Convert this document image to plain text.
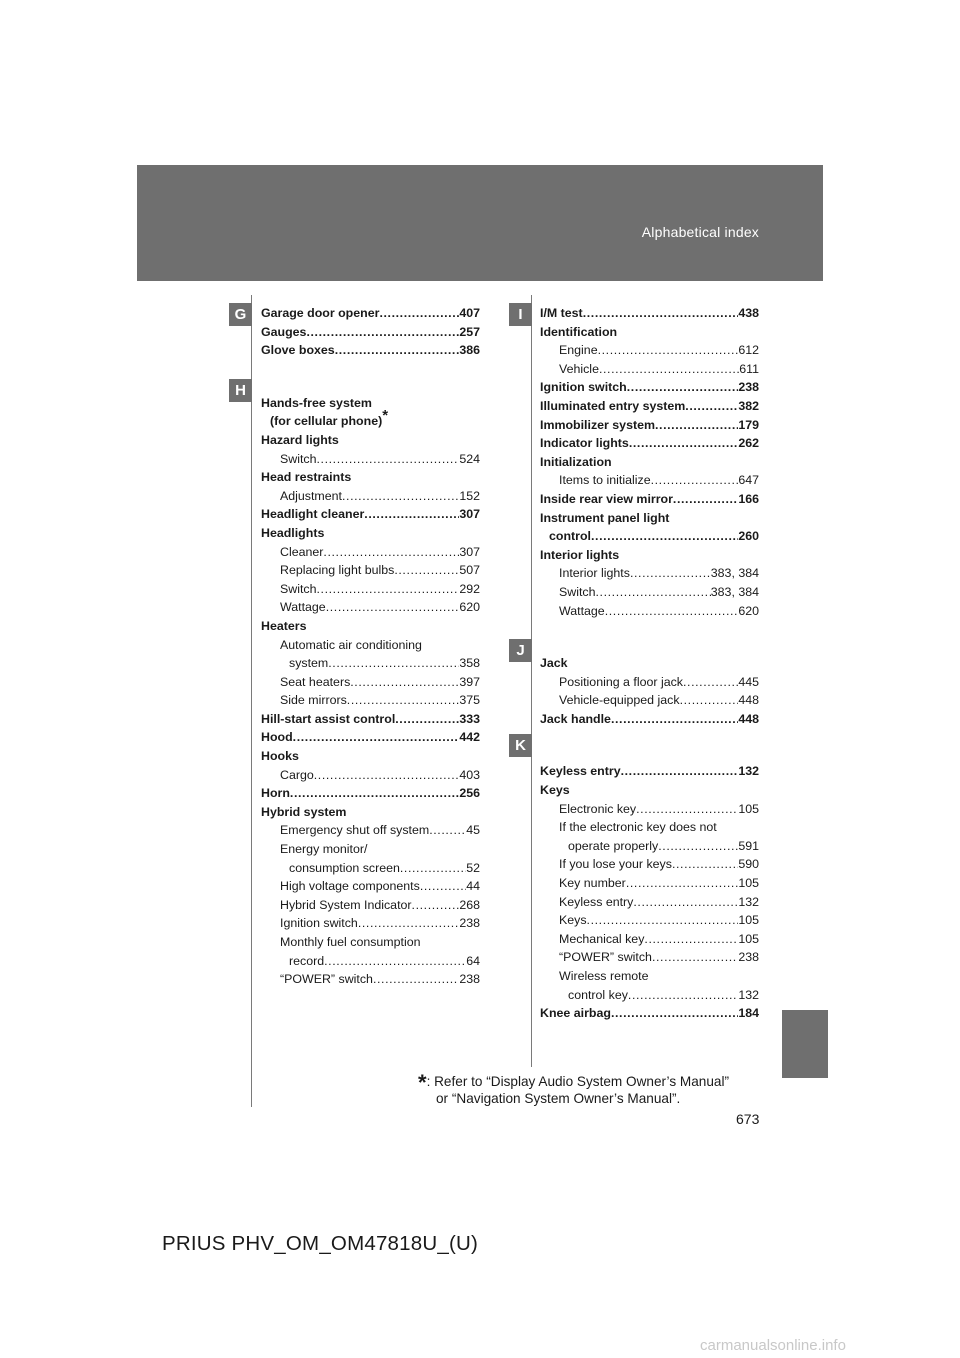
Alphabetical index
G
H
I
J
K
Garage door opener .....	407
Gauges .....	257
Glove boxes .....	386
Hands-free system
(for cellular phone)*
Hazard lights
Switch .....	524
Head restraints
Adjustment .....	152
Headlight cleaner .....	307
Headlights
Cleaner .....	307
Replacing light bulbs .....	507
Switch .....	292
Wattage .....	620
Heaters
Automatic air conditioning
system .....	358
Seat heaters .....	397
Side mirrors .....	375
Hill-start assist control .....	333
Hood .....	442
Hooks
Cargo .....	403
Horn .....	256
Hybrid system
Emergency shut off system .....	45
Energy monitor/
consumption screen .....	52
High voltage components .....	44
Hybrid System Indicator .....	268
Ignition switch .....	238
Monthly fuel consumption
record .....	64
“POWER” switch .....	238
I/M test .....	438
Identification
Engine .....	612
Vehicle .....	611
Ignition switch .....	238
Illuminated entry system .....	382
Immobilizer system .....	179
Indicator lights .....	262
Initialization
Items to initialize .....	647
Inside rear view mirror .....	166
Instrument panel light
control .....	260
Interior lights
Interior lights .....	383, 384
Switch .....	383, 384
Wattage .....	620
Jack
Positioning a floor jack .....	445
Vehicle-equipped jack .....	448
Jack handle .....	448
Keyless entry .....	132
Keys
Electronic key .....	105
If the electronic key does not
operate properly .....	591
If you lose your keys .....	590
Key number .....	105
Keyless entry .....	132
Keys .....	105
Mechanical key .....	105
“POWER” switch .....	238
Wireless remote
control key .....	132
Knee airbag .....	184
*: Refer to “Display Audio System Owner’s Manual”
or “Navigation System Owner’s Manual”.
673
PRIUS PHV_OM_OM47818U_(U)
carmanualsonline.info
